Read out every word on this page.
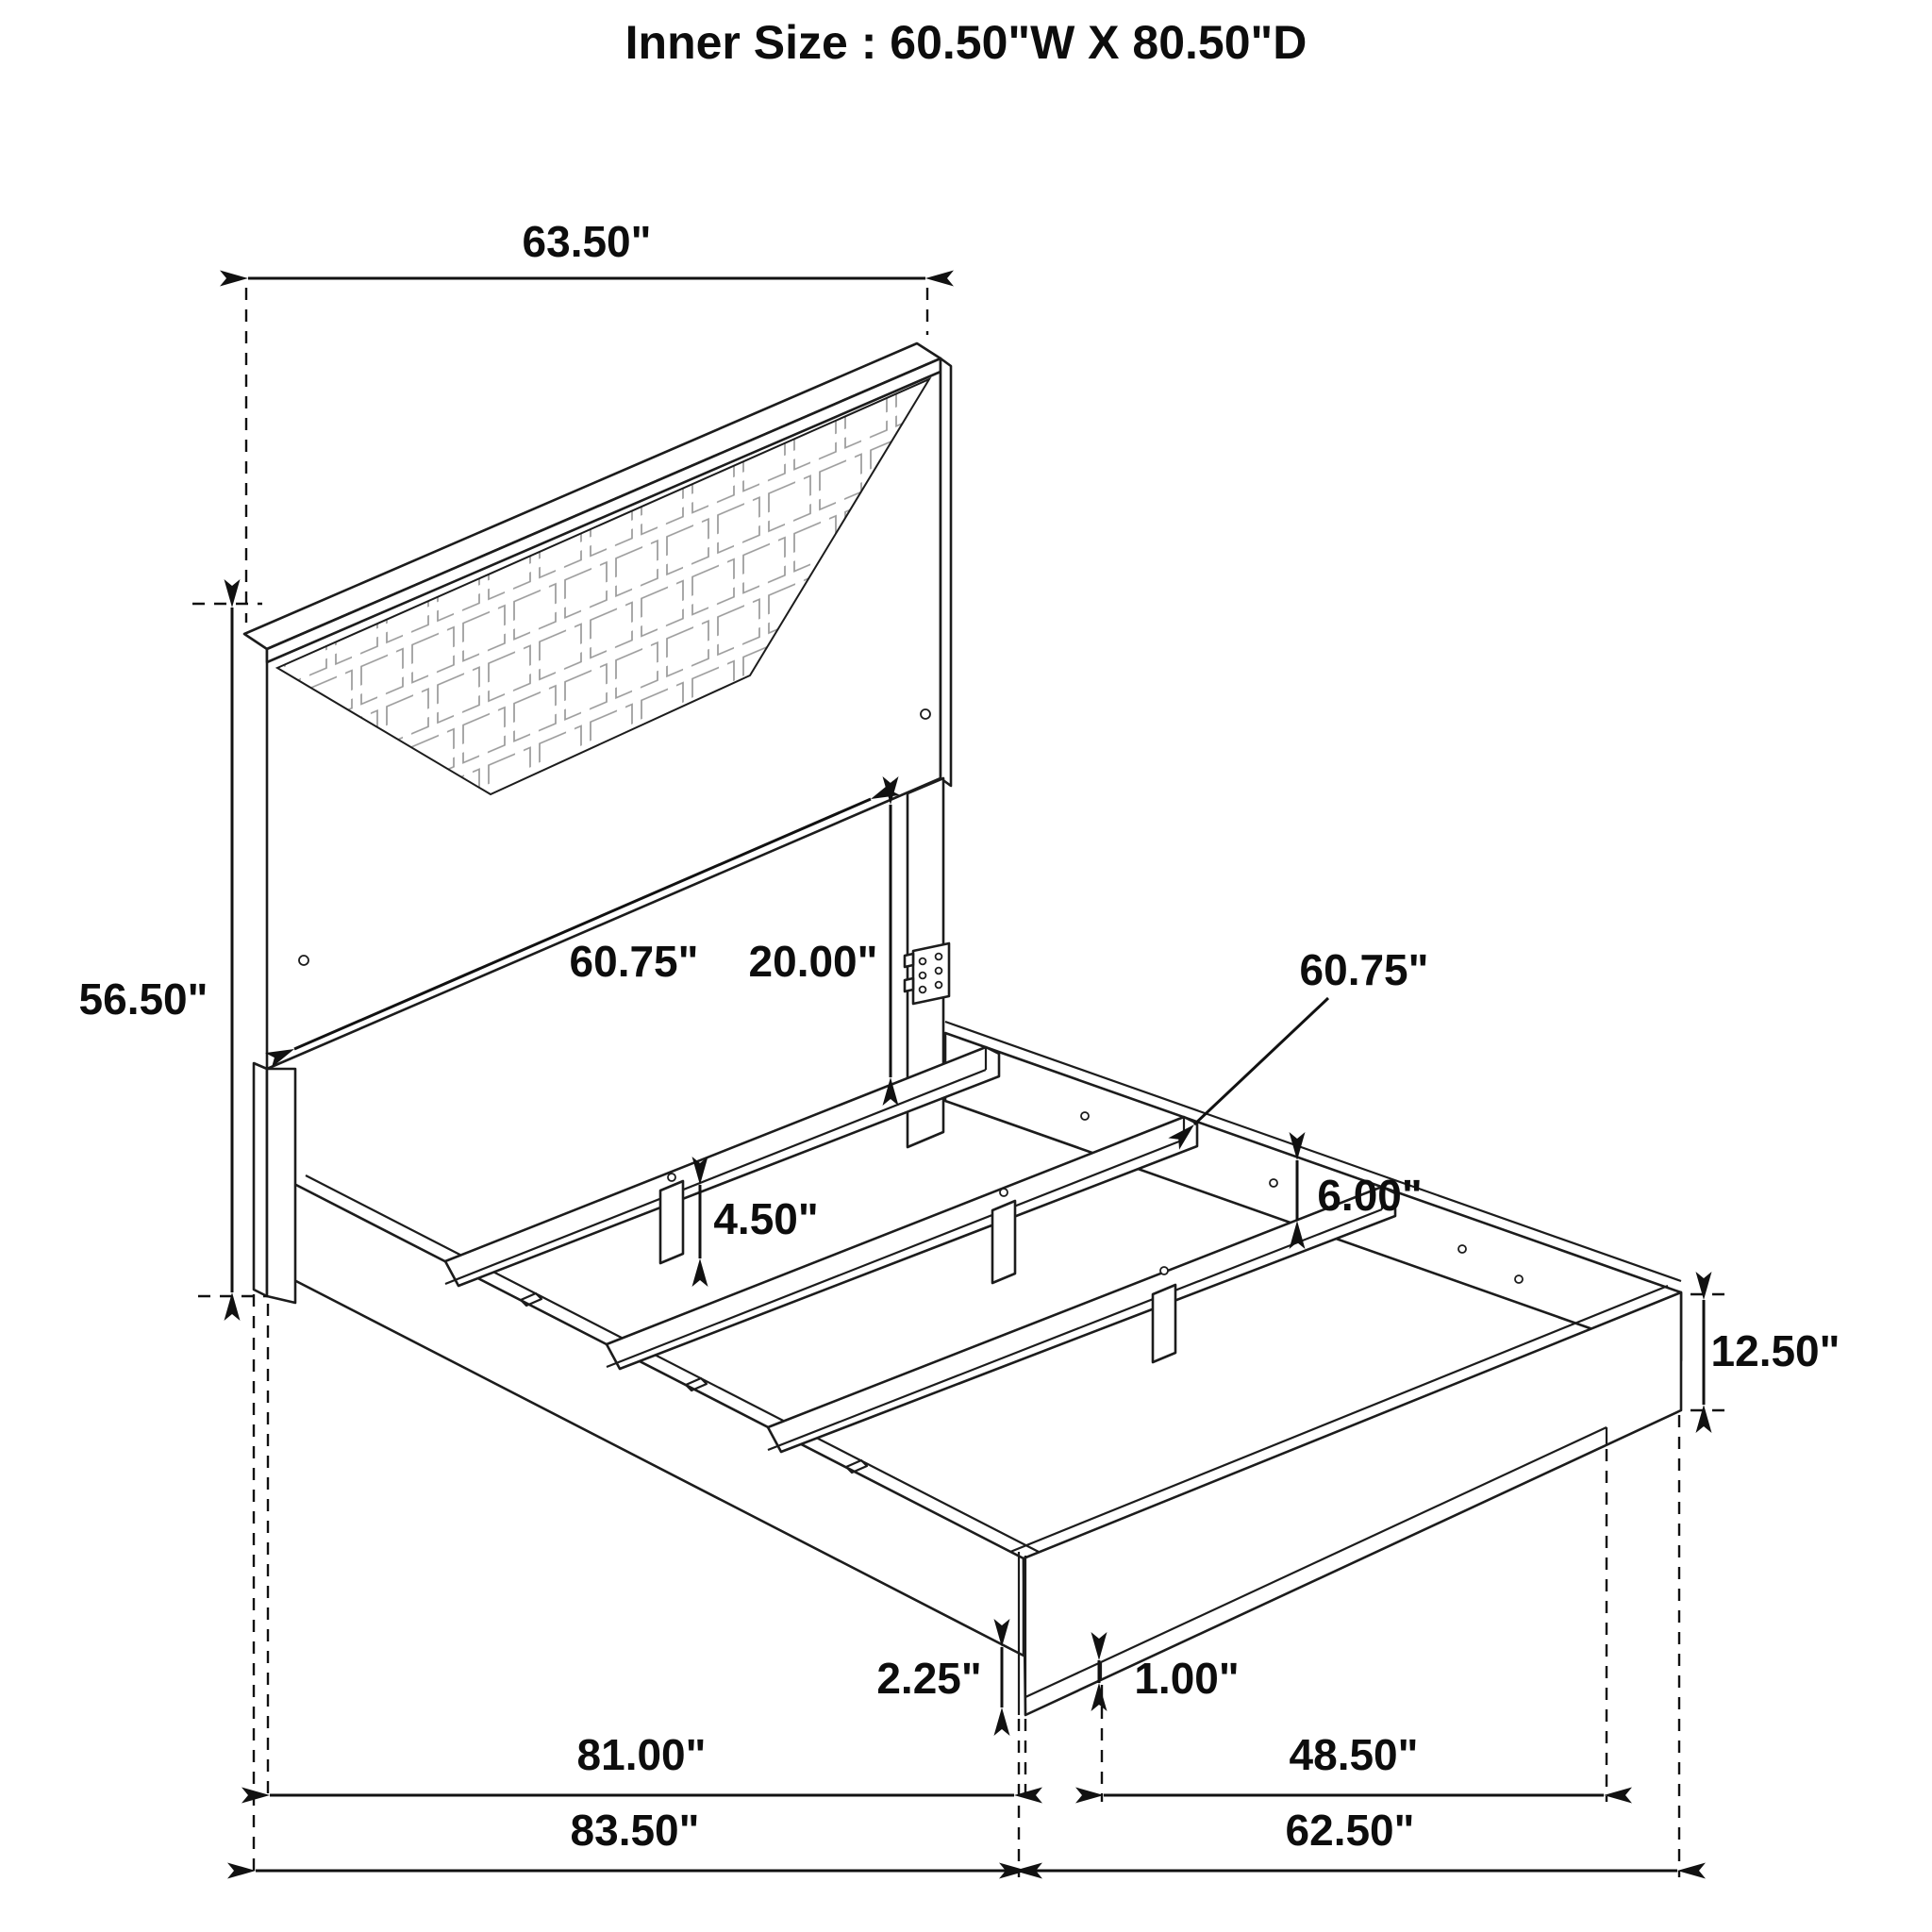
63.50"
56.50"
60.75" 20.00"	60.75"
6.00"
4.50"
12.50"
2.25"	1.00"
81.00"	48.50"
83.50"	62.50"
Inner Size : 60.50"W X 80.50"D
